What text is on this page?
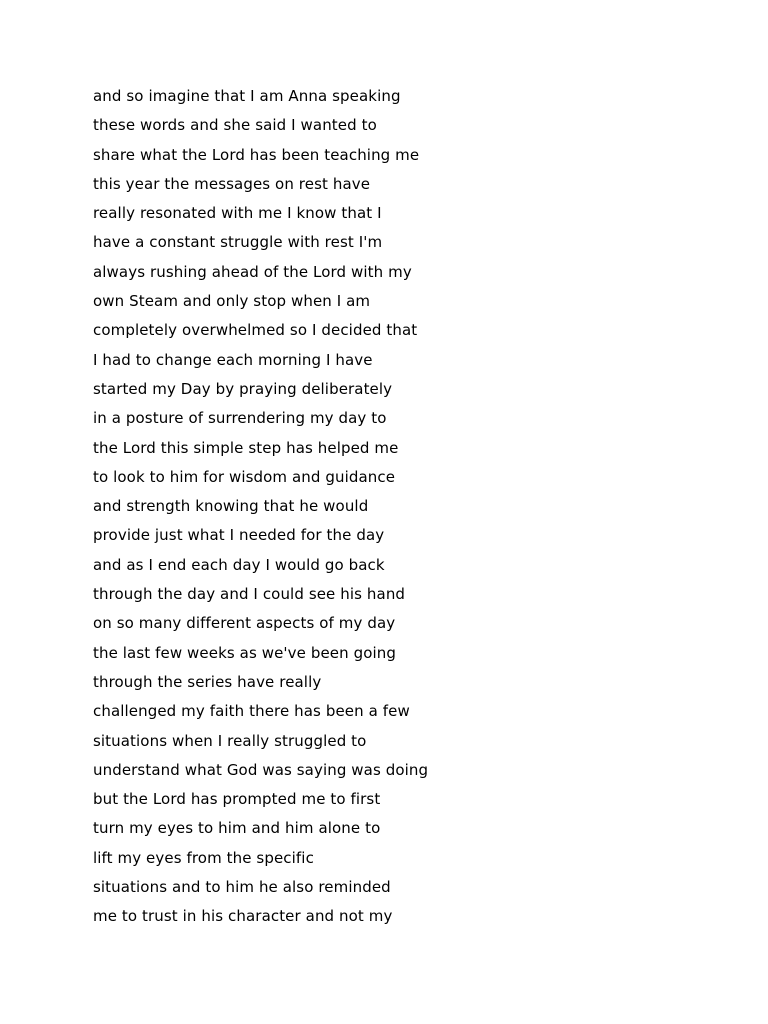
and so imagine that I am Anna speaking
these words and she said I wanted to
share what the Lord has been teaching me
this year the messages on rest have
really resonated with me I know that I
have a constant struggle with rest I'm
always rushing ahead of the Lord with my
own Steam and only stop when I am
completely overwhelmed so I decided that
I had to change each morning I have
started my Day by praying deliberately
in a posture of surrendering my day to
the Lord this simple step has helped me
to look to him for wisdom and guidance
and strength knowing that he would
provide just what I needed for the day
and as I end each day I would go back
through the day and I could see his hand
on so many different aspects of my day
the last few weeks as we've been going
through the series have really
challenged my faith there has been a few
situations when I really struggled to
understand what God was saying was doing
but the Lord has prompted me to first
turn my eyes to him and him alone to
lift my eyes from the specific
situations and to him he also reminded
me to trust in his character and not my
